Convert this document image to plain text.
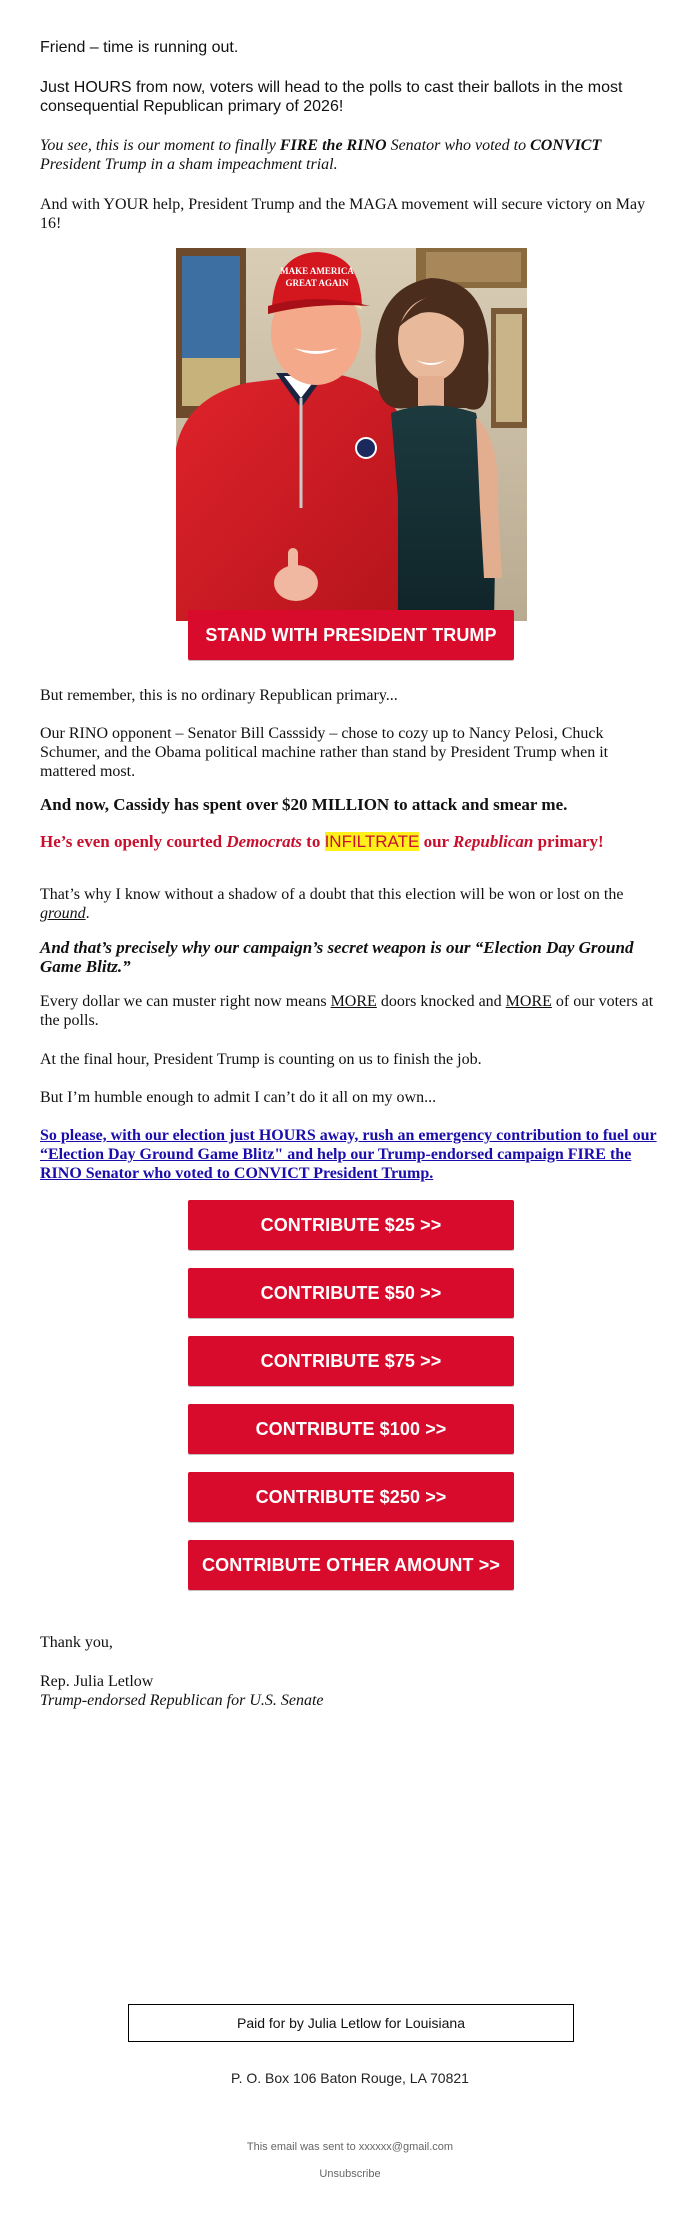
Friend – time is running out.

Just HOURS from now, voters will head to the polls to cast their ballots in the most consequential Republican primary of 2026!

You see, this is our moment to finally FIRE the RINO Senator who voted to CONVICT President Trump in a sham impeachment trial.

And with YOUR help, President Trump and the MAGA movement will secure victory on May 16!

MAKE AMERICA
GREAT AGAIN
STAND WITH PRESIDENT TRUMP

But remember, this is no ordinary Republican primary...

Our RINO opponent – Senator Bill Casssidy – chose to cozy up to Nancy Pelosi, Chuck Schumer, and the Obama political machine rather than stand by President Trump when it mattered most.

And now, Cassidy has spent over $20 MILLION to attack and smear me.

He’s even openly courted Democrats to INFILTRATE our Republican primary!

That’s why I know without a shadow of a doubt that this election will be won or lost on the ground.

And that’s precisely why our campaign’s secret weapon is our “Election Day Ground Game Blitz.”

Every dollar we can muster right now means MORE doors knocked and MORE of our voters at the polls.

At the final hour, President Trump is counting on us to finish the job.

But I’m humble enough to admit I can’t do it all on my own...

So please, with our election just HOURS away, rush an emergency contribution to fuel our “Election Day Ground Game Blitz" and help our Trump-endorsed campaign FIRE the RINO Senator who voted to CONVICT President Trump.

CONTRIBUTE $25 >>
CONTRIBUTE $50 >>
CONTRIBUTE $75 >>
CONTRIBUTE $100 >>
CONTRIBUTE $250 >>
CONTRIBUTE OTHER AMOUNT >>

Thank you,

Rep. Julia Letlow

Trump-endorsed Republican for U.S. Senate

Paid for by Julia Letlow for Louisiana
P. O. Box 106 Baton Rouge, LA 70821
This email was sent to xxxxxx@gmail.com
Unsubscribe
